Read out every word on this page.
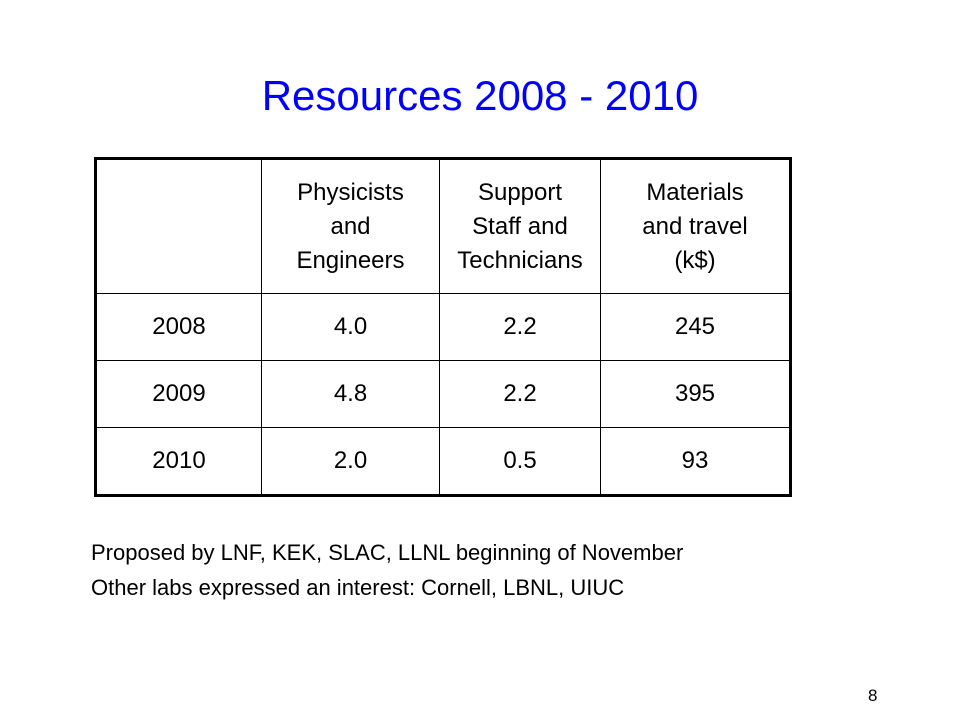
Resources 2008 - 2010

	Physicists
and
Engineers	Support
Staff and
Technicians	Materials
and travel
(k$)

2008	4.0	2.2	245
2009	4.8	2.2	395
2010	2.0	0.5	93
Proposed by LNF, KEK, SLAC, LLNL beginning of November
Other labs expressed an interest: Cornell, LBNL, UIUC
8
